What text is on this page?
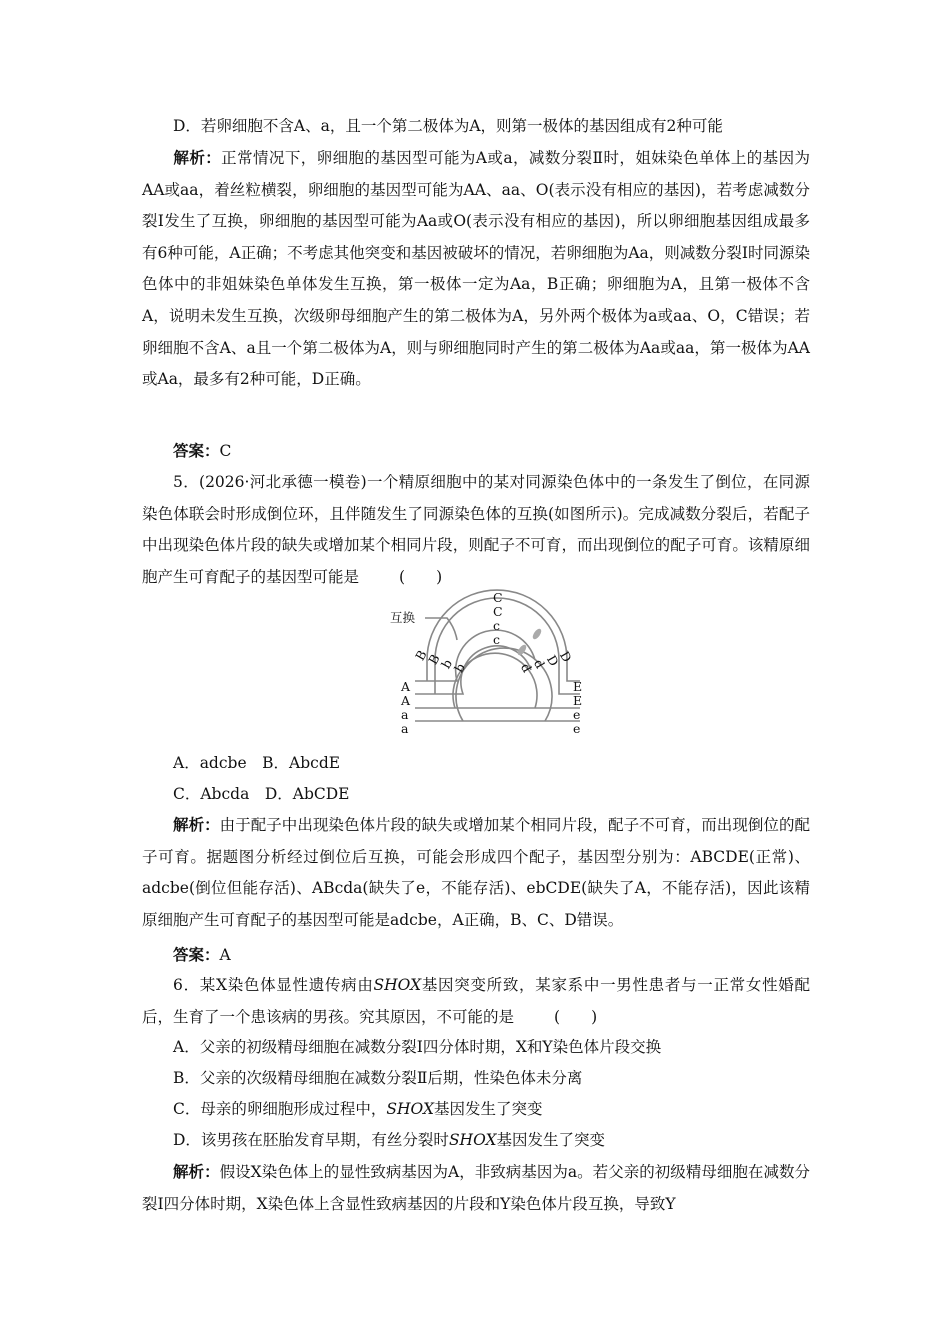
D．若卵细胞不含A、a，且一个第二极体为A，则第一极体的基因组成有2种可能

解析：正常情况下，卵细胞的基因型可能为A或a，减数分裂Ⅱ时，姐妹染色单体上的基因为AA或aa，着丝粒横裂，卵细胞的基因型可能为AA、aa、O(表示没有相应的基因)，若考虑减数分裂Ⅰ发生了互换，卵细胞的基因型可能为Aa或O(表示没有相应的基因)，所以卵细胞基因组成最多有6种可能，A正确；不考虑其他突变和基因被破坏的情况，若卵细胞为Aa，则减数分裂Ⅰ时同源染色体中的非姐妹染色单体发生互换，第一极体一定为Aa，B正确；卵细胞为A，且第一极体不含A，说明未发生互换，次级卵母细胞产生的第二极体为A，另外两个极体为a或aa、O，C错误；若卵细胞不含A、a且一个第二极体为A，则与卵细胞同时产生的第二极体为Aa或aa，第一极体为AA或Aa，最多有2种可能，D正确。

答案：C

5．(2026·河北承德一模卷)一个精原细胞中的某对同源染色体中的一条发生了倒位，在同源染色体联会时形成倒位环，且伴随发生了同源染色体的互换(如图所示)。完成减数分裂后，若配子中出现染色体片段的缺失或增加某个相同片段，则配子不可育，而出现倒位的配子可育。该精原细胞产生可育配子的基因型可能是	(　　)

互换
C
C
c
c
B
B
b
b
D
D
d
d
A
A
a
a
E
E
e
e

A．adcbe　B．AbcdE

C．Abcda　D．AbCDE

解析：由于配子中出现染色体片段的缺失或增加某个相同片段，配子不可育，而出现倒位的配子可育。据题图分析经过倒位后互换，可能会形成四个配子，基因型分别为：ABCDE(正常)、adcbe(倒位但能存活)、ABcda(缺失了e，不能存活)、ebCDE(缺失了A，不能存活)，因此该精原细胞产生可育配子的基因型可能是adcbe，A正确，B、C、D错误。

答案：A

6．某X染色体显性遗传病由SHOX基因突变所致，某家系中一男性患者与一正常女性婚配后，生育了一个患该病的男孩。究其原因，不可能的是	(　　)

A．父亲的初级精母细胞在减数分裂Ⅰ四分体时期，X和Y染色体片段交换

B．父亲的次级精母细胞在减数分裂Ⅱ后期，性染色体未分离

C．母亲的卵细胞形成过程中，SHOX基因发生了突变

D．该男孩在胚胎发育早期，有丝分裂时SHOX基因发生了突变

解析：假设X染色体上的显性致病基因为A，非致病基因为a。若父亲的初级精母细胞在减数分裂Ⅰ四分体时期，X染色体上含显性致病基因的片段和Y染色体片段互换，导致Y
